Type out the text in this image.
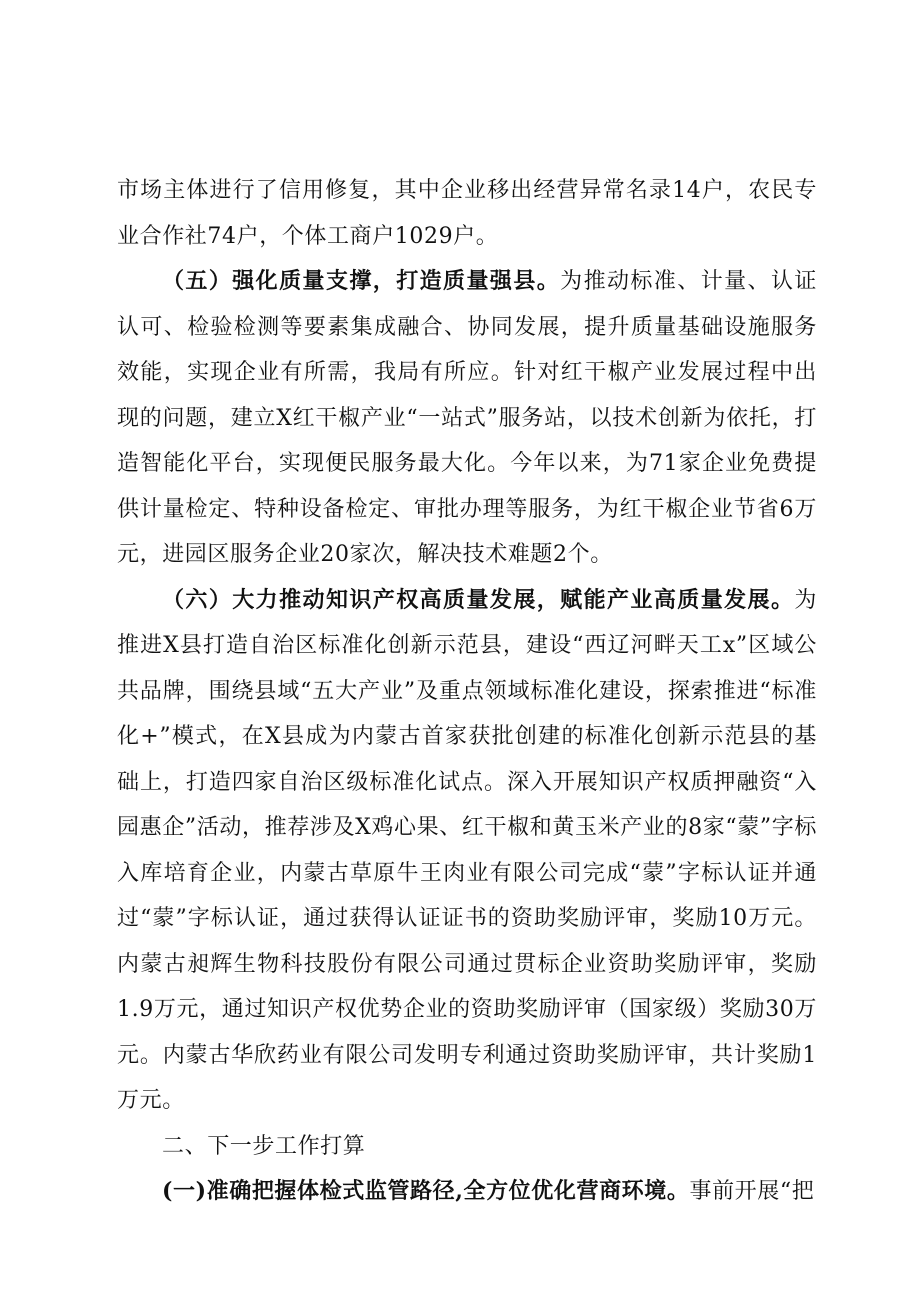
市场主体进行了信用修复，其中企业移出经营异常名录14户，农民专业合作社74户，个体工商户1029户。

（五）强化质量支撑，打造质量强县。为推动标准、计量、认证认可、检验检测等要素集成融合、协同发展，提升质量基础设施服务效能，实现企业有所需，我局有所应。针对红干椒产业发展过程中出现的问题，建立X红干椒产业“一站式”服务站，以技术创新为依托，打造智能化平台，实现便民服务最大化。今年以来，为71家企业免费提供计量检定、特种设备检定、审批办理等服务，为红干椒企业节省6万元，进园区服务企业20家次，解决技术难题2个。

（六）大力推动知识产权高质量发展，赋能产业高质量发展。为推进X县打造自治区标准化创新示范县，建设“西辽河畔天工x”区域公共品牌，围绕县域“五大产业”及重点领域标准化建设，探索推进“标准化+”模式，在X县成为内蒙古首家获批创建的标准化创新示范县的基础上，打造四家自治区级标准化试点。深入开展知识产权质押融资“入园惠企”活动，推荐涉及X鸡心果、红干椒和黄玉米产业的8家“蒙”字标入库培育企业，内蒙古草原牛王肉业有限公司完成“蒙”字标认证并通过“蒙”字标认证，通过获得认证证书的资助奖励评审，奖励10万元。内蒙古昶辉生物科技股份有限公司通过贯标企业资助奖励评审，奖励1.9万元，通过知识产权优势企业的资助奖励评审（国家级）奖励30万元。内蒙古华欣药业有限公司发明专利通过资助奖励评审，共计奖励1万元。

二、下一步工作打算

(一)准确把握体检式监管路径,全方位优化营商环境。事前开展“把
